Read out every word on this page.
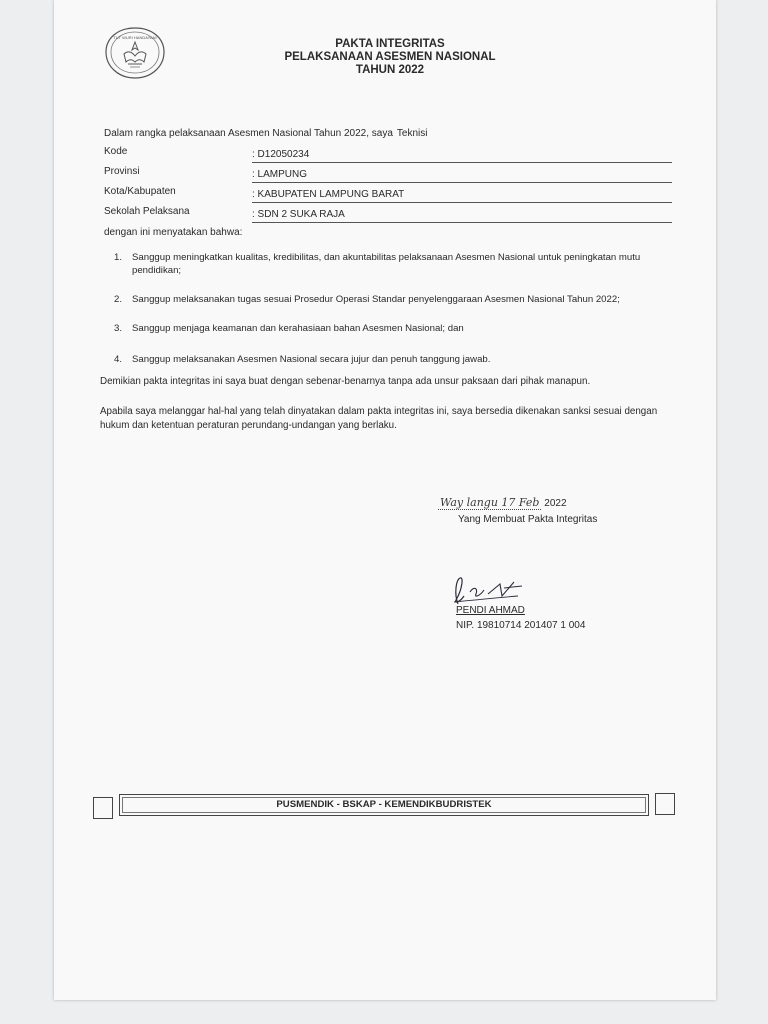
TUT WURI HANDAYANI
PAKTA INTEGRITAS
PELAKSANAAN ASESMEN NASIONAL
TAHUN 2022
Dalam rangka pelaksanaan Asesmen Nasional Tahun 2022, saya Teknisi
Kode	: D12050234
Provinsi	: LAMPUNG
Kota/Kabupaten	: KABUPATEN LAMPUNG BARAT
Sekolah Pelaksana	: SDN 2 SUKA RAJA
dengan ini menyatakan bahwa:
1. Sanggup meningkatkan kualitas, kredibilitas, dan akuntabilitas pelaksanaan Asesmen Nasional untuk peningkatan mutu pendidikan;
2. Sanggup melaksanakan tugas sesuai Prosedur Operasi Standar penyelenggaraan Asesmen Nasional Tahun 2022;
3. Sanggup menjaga keamanan dan kerahasiaan bahan Asesmen Nasional; dan
4. Sanggup melaksanakan Asesmen Nasional secara jujur dan penuh tanggung jawab.
Demikian pakta integritas ini saya buat dengan sebenar-benarnya tanpa ada unsur paksaan dari pihak manapun.
Apabila saya melanggar hal-hal yang telah dinyatakan dalam pakta integritas ini, saya bersedia dikenakan sanksi sesuai dengan hukum dan ketentuan peraturan perundang-undangan yang berlaku.
Way langu 17 Feb 2022
Yang Membuat Pakta Integritas
PENDI AHMAD
NIP. 19810714 201407 1 004
PUSMENDIK - BSKAP - KEMENDIKBUDRISTEK
